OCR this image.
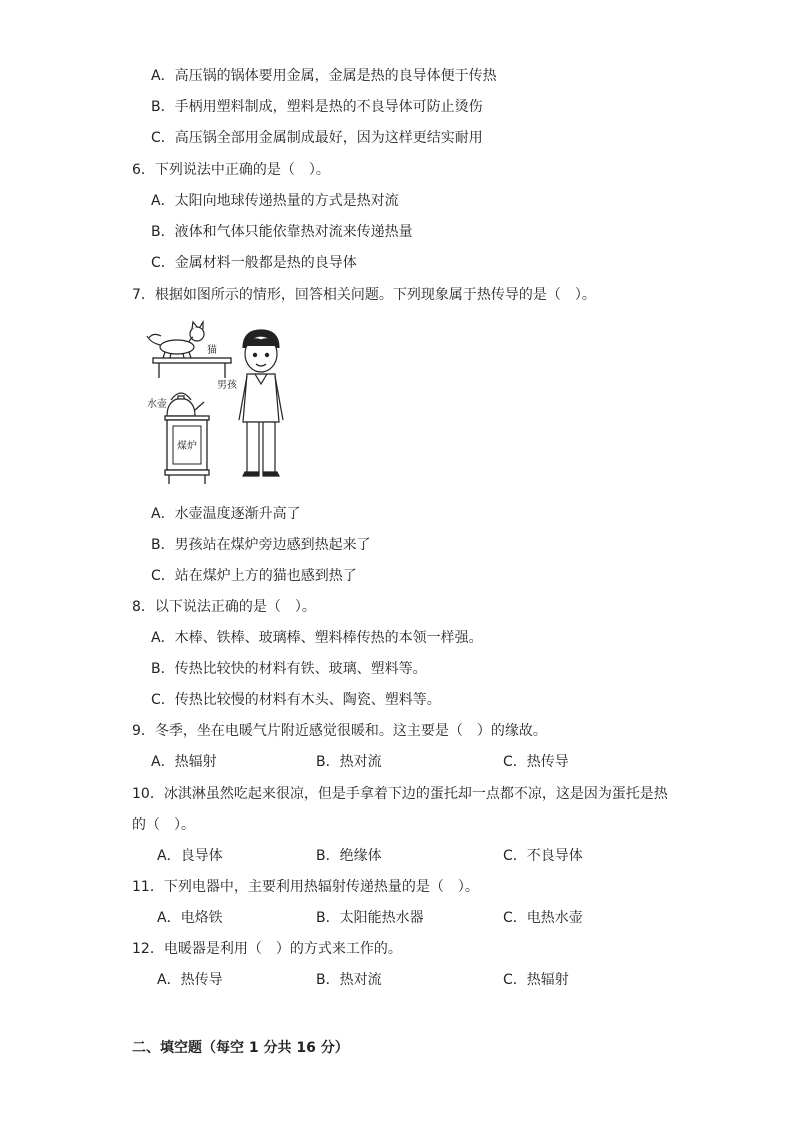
A．高压锅的锅体要用金属，金属是热的良导体便于传热
B．手柄用塑料制成，塑料是热的不良导体可防止烫伤
C．高压锅全部用金属制成最好，因为这样更结实耐用
6．下列说法中正确的是（　）。
A．太阳向地球传递热量的方式是热对流
B．液体和气体只能依靠热对流来传递热量
C．金属材料一般都是热的良导体
7．根据如图所示的情形，回答相关问题。下列现象属于热传导的是（　）。
猫
水壶
煤炉
男孩
A．水壶温度逐渐升高了
B．男孩站在煤炉旁边感到热起来了
C．站在煤炉上方的猫也感到热了
8．以下说法正确的是（　）。
A．木棒、铁棒、玻璃棒、塑料棒传热的本领一样强。
B．传热比较快的材料有铁、玻璃、塑料等。
C．传热比较慢的材料有木头、陶瓷、塑料等。
9．冬季，坐在电暖气片附近感觉很暖和。这主要是（　）的缘故。
A．热辐射	B．热对流	C．热传导
10．冰淇淋虽然吃起来很凉，但是手拿着下边的蛋托却一点都不凉，这是因为蛋托是热
的（　）。
A．良导体	B．绝缘体	C．不良导体
11．下列电器中，主要利用热辐射传递热量的是（　）。
A．电烙铁	B．太阳能热水器	C．电热水壶
12．电暖器是利用（　）的方式来工作的。
A．热传导	B．热对流	C．热辐射
二、填空题（每空 1 分共 16 分）
